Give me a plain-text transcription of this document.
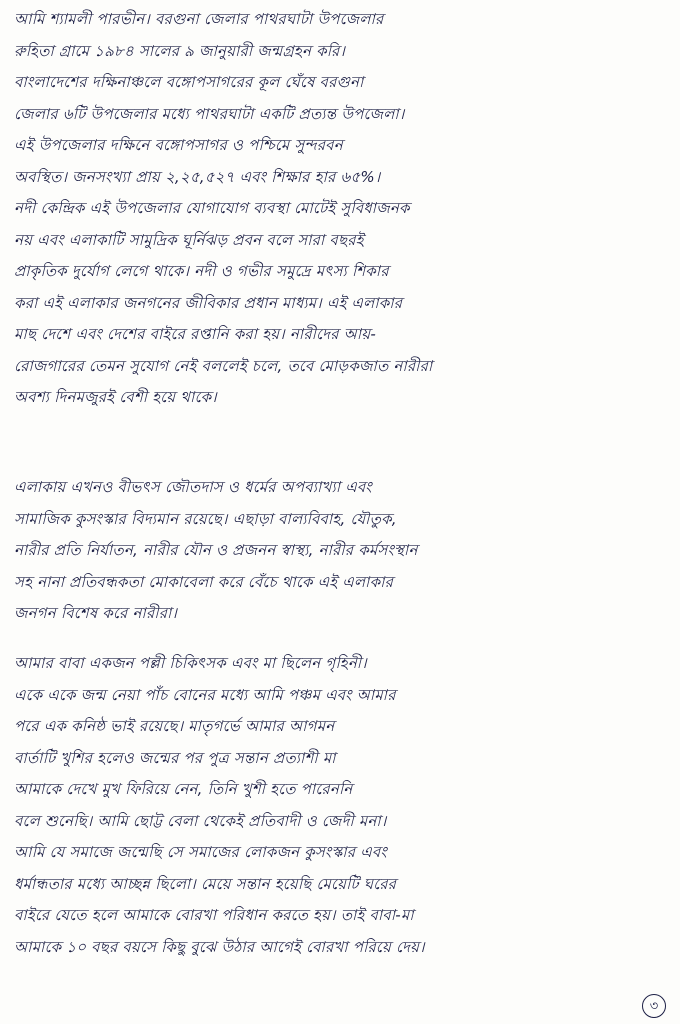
আমি শ্যামলী পারভীন। বরগুনা জেলার পাথরঘাটা উপজেলার
রুহিতা গ্রামে ১৯৮৪ সালের ৯ জানুয়ারী জন্মগ্রহন করি।
বাংলাদেশের দক্ষিনাঞ্চলে বঙ্গোপসাগরের কূল ঘেঁষে বরগুনা
জেলার ৬টি উপজেলার মধ্যে পাথরঘাটা একটি প্রত্যন্ত উপজেলা।
এই উপজেলার দক্ষিনে বঙ্গোপসাগর ও পশ্চিমে সুন্দরবন
অবস্থিত। জনসংখ্যা প্রায় ২,২৫,৫২৭ এবং শিক্ষার হার ৬৫%।
নদী কেন্দ্রিক এই উপজেলার যোগাযোগ ব্যবস্থা মোটেই সুবিধাজনক
নয় এবং এলাকাটি সামুদ্রিক ঘূর্নিঝড় প্রবন বলে সারা বছরই
প্রাকৃতিক দুর্যোগ লেগে থাকে। নদী ও গভীর সমুদ্রে মৎস্য শিকার
করা এই এলাকার জনগনের জীবিকার প্রধান মাধ্যম। এই এলাকার
মাছ দেশে এবং দেশের বাইরে রপ্তানি করা হয়। নারীদের আয়-
রোজগারের তেমন সুযোগ নেই বললেই চলে, তবে মোড়কজাত নারীরা
অবশ্য দিনমজুরই বেশী হয়ে থাকে।
এলাকায় এখনও বীভৎস জৌতদাস ও ধর্মের অপব্যাখ্যা এবং
সামাজিক কুসংস্কার বিদ্যমান রয়েছে। এছাড়া বাল্যবিবাহ, যৌতুক,
নারীর প্রতি নির্যাতন, নারীর যৌন ও প্রজনন স্বাস্থ্য, নারীর কর্মসংস্থান
সহ নানা প্রতিবন্ধকতা মোকাবেলা করে বেঁচে থাকে এই এলাকার
জনগন বিশেষ করে নারীরা।
আমার বাবা একজন পল্লী চিকিৎসক এবং মা ছিলেন গৃহিনী।
একে একে জন্ম নেয়া পাঁচ বোনের মধ্যে আমি পঞ্চম এবং আমার
পরে এক কনিষ্ঠ ভাই রয়েছে। মাতৃগর্ভে আমার আগমন
বার্তাটি খুশির হলেও জন্মের পর পুত্র সন্তান প্রত্যাশী মা
আমাকে দেখে মুখ ফিরিয়ে নেন, তিনি খুশী হতে পারেননি
বলে শুনেছি। আমি ছোট্ট বেলা থেকেই প্রতিবাদী ও জেদী মনা।
আমি যে সমাজে জন্মেছি সে সমাজের লোকজন কুসংস্কার এবং
ধর্মান্ধতার মধ্যে আচ্ছন্ন ছিলো। মেয়ে সন্তান হয়েছি মেয়েটি ঘরের
বাইরে যেতে হলে আমাকে বোরখা পরিধান করতে হয়। তাই বাবা-মা
আমাকে ১০ বছর বয়সে কিছু বুঝে উঠার আগেই বোরখা পরিয়ে দেয়।
৩
